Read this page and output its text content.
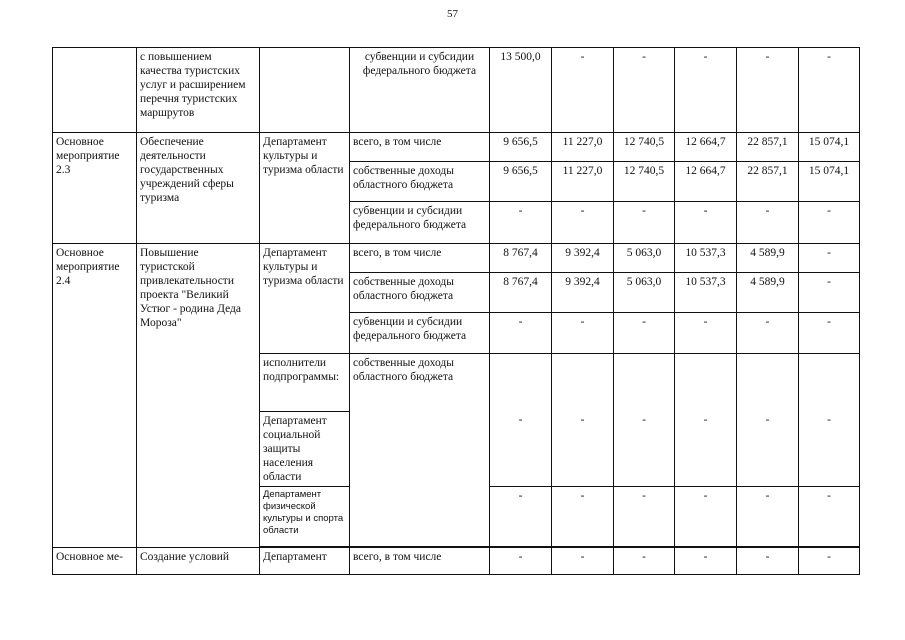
57
	с повышением качества туристских услуг и расширением перечня туристских маршрутов		субвенции и субсидии федерального бюджета	13 500,0	-	-	-	-	-
Основное мероприятие 2.3	Обеспечение деятельности государственных учреждений сферы туризма	Департамент культуры и туризма области	всего, в том числе	9 656,5	11 227,0	12 740,5	12 664,7	22 857,1	15 074,1
			собственные доходы областного бюджета	9 656,5	11 227,0	12 740,5	12 664,7	22 857,1	15 074,1
			субвенции и субсидии федерального бюджета	-	-	-	-	-	-
Основное мероприятие 2.4	Повышение туристской привлекательности проекта "Великий Устюг - родина Деда Мороза"	Департамент культуры и туризма области	всего, в том числе	8 767,4	9 392,4	5 063,0	10 537,3	4 589,9	-
			собственные доходы областного бюджета	8 767,4	9 392,4	5 063,0	10 537,3	4 589,9	-
			субвенции и субсидии федерального бюджета	-	-	-	-	-	-
		исполнители подпрограммы:	собственные доходы областного бюджета	-	-	-	-	-	-
		Департамент социальной защиты населения области							
		Департамент физической культуры и спорта области		-	-	-	-	-	-

Основное ме-	Создание условий	Департамент	всего, в том числе	-	-	-	-	-	-
